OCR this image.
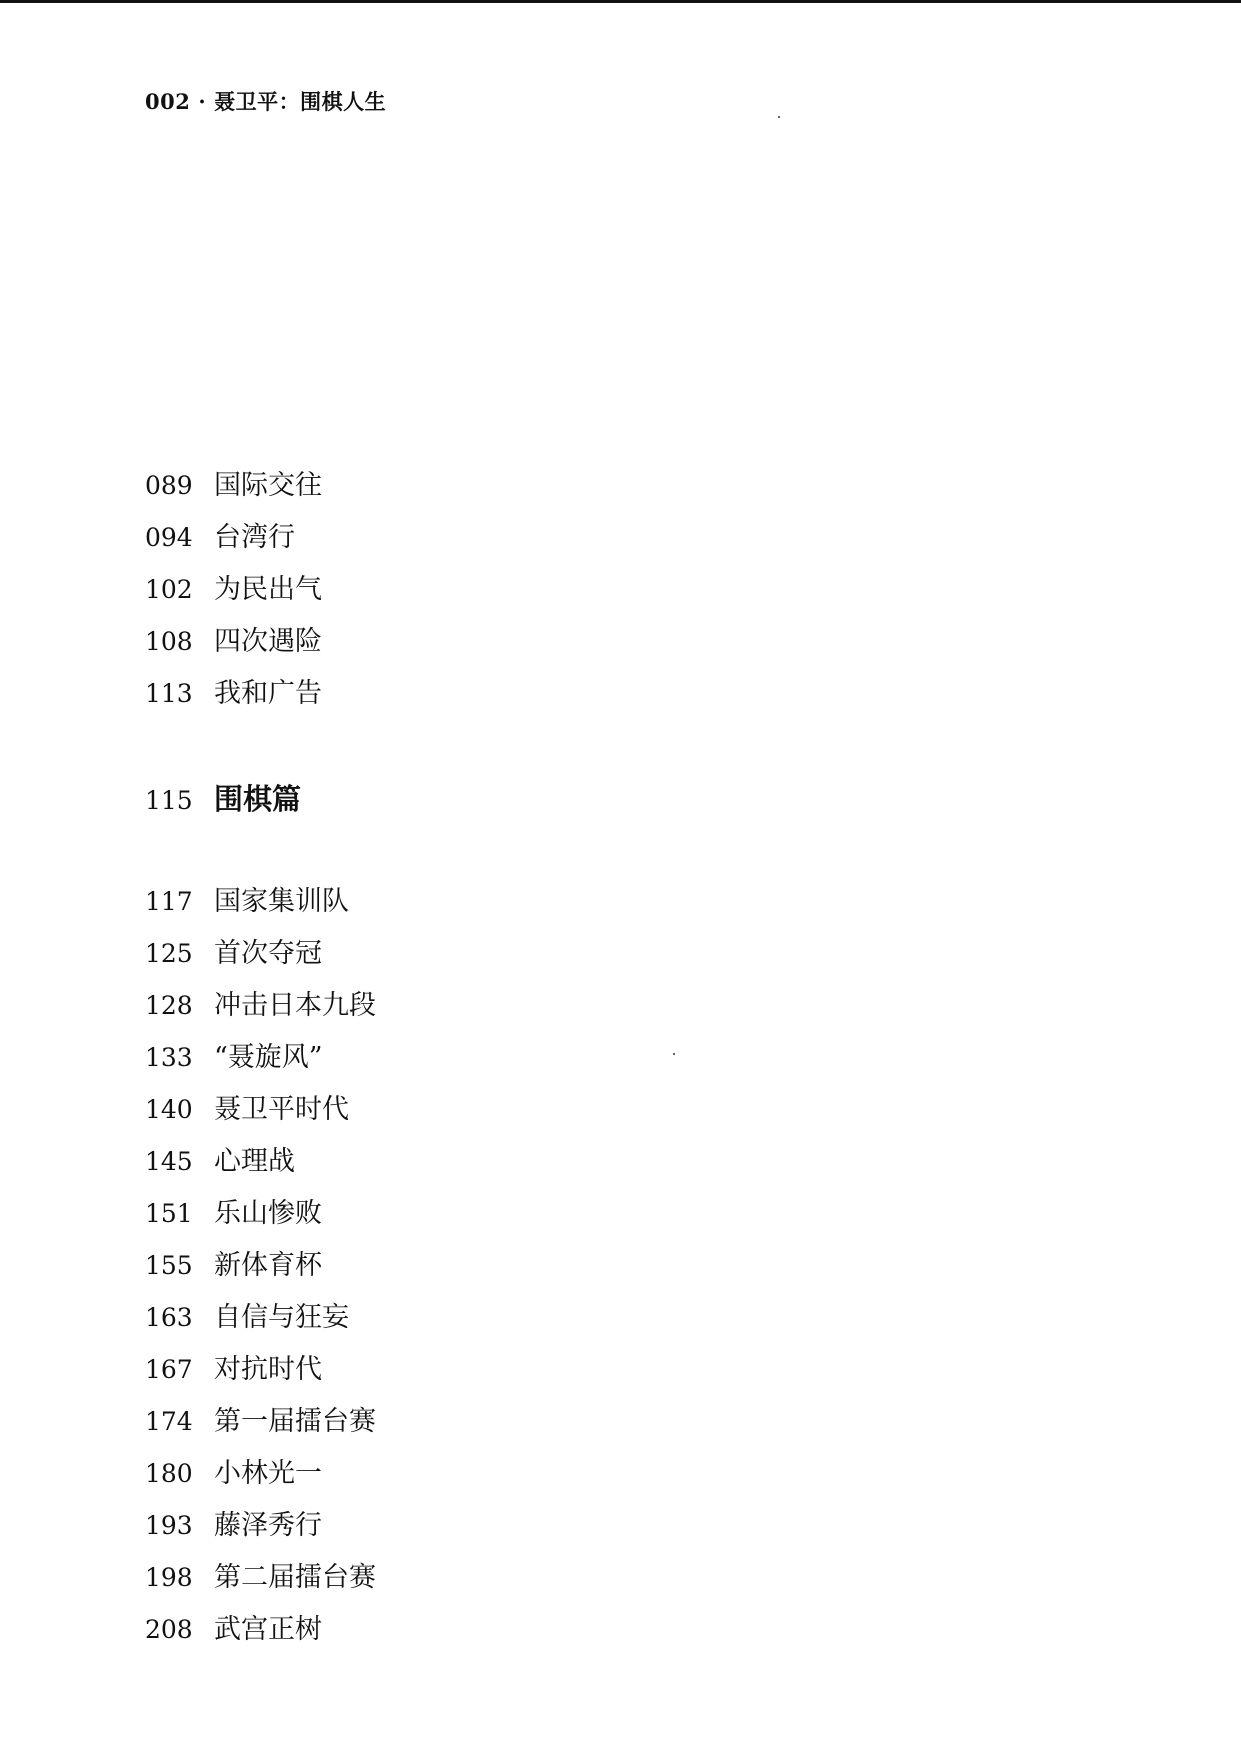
002 · 聂卫平：围棋人生
089 国际交往
094 台湾行
102 为民出气
108 四次遇险
113 我和广告
115 围棋篇
117 国家集训队
125 首次夺冠
128 冲击日本九段
133 “聂旋风”
140 聂卫平时代
145 心理战
151 乐山惨败
155 新体育杯
163 自信与狂妄
167 对抗时代
174 第一届擂台赛
180 小林光一
193 藤泽秀行
198 第二届擂台赛
208 武宫正树
